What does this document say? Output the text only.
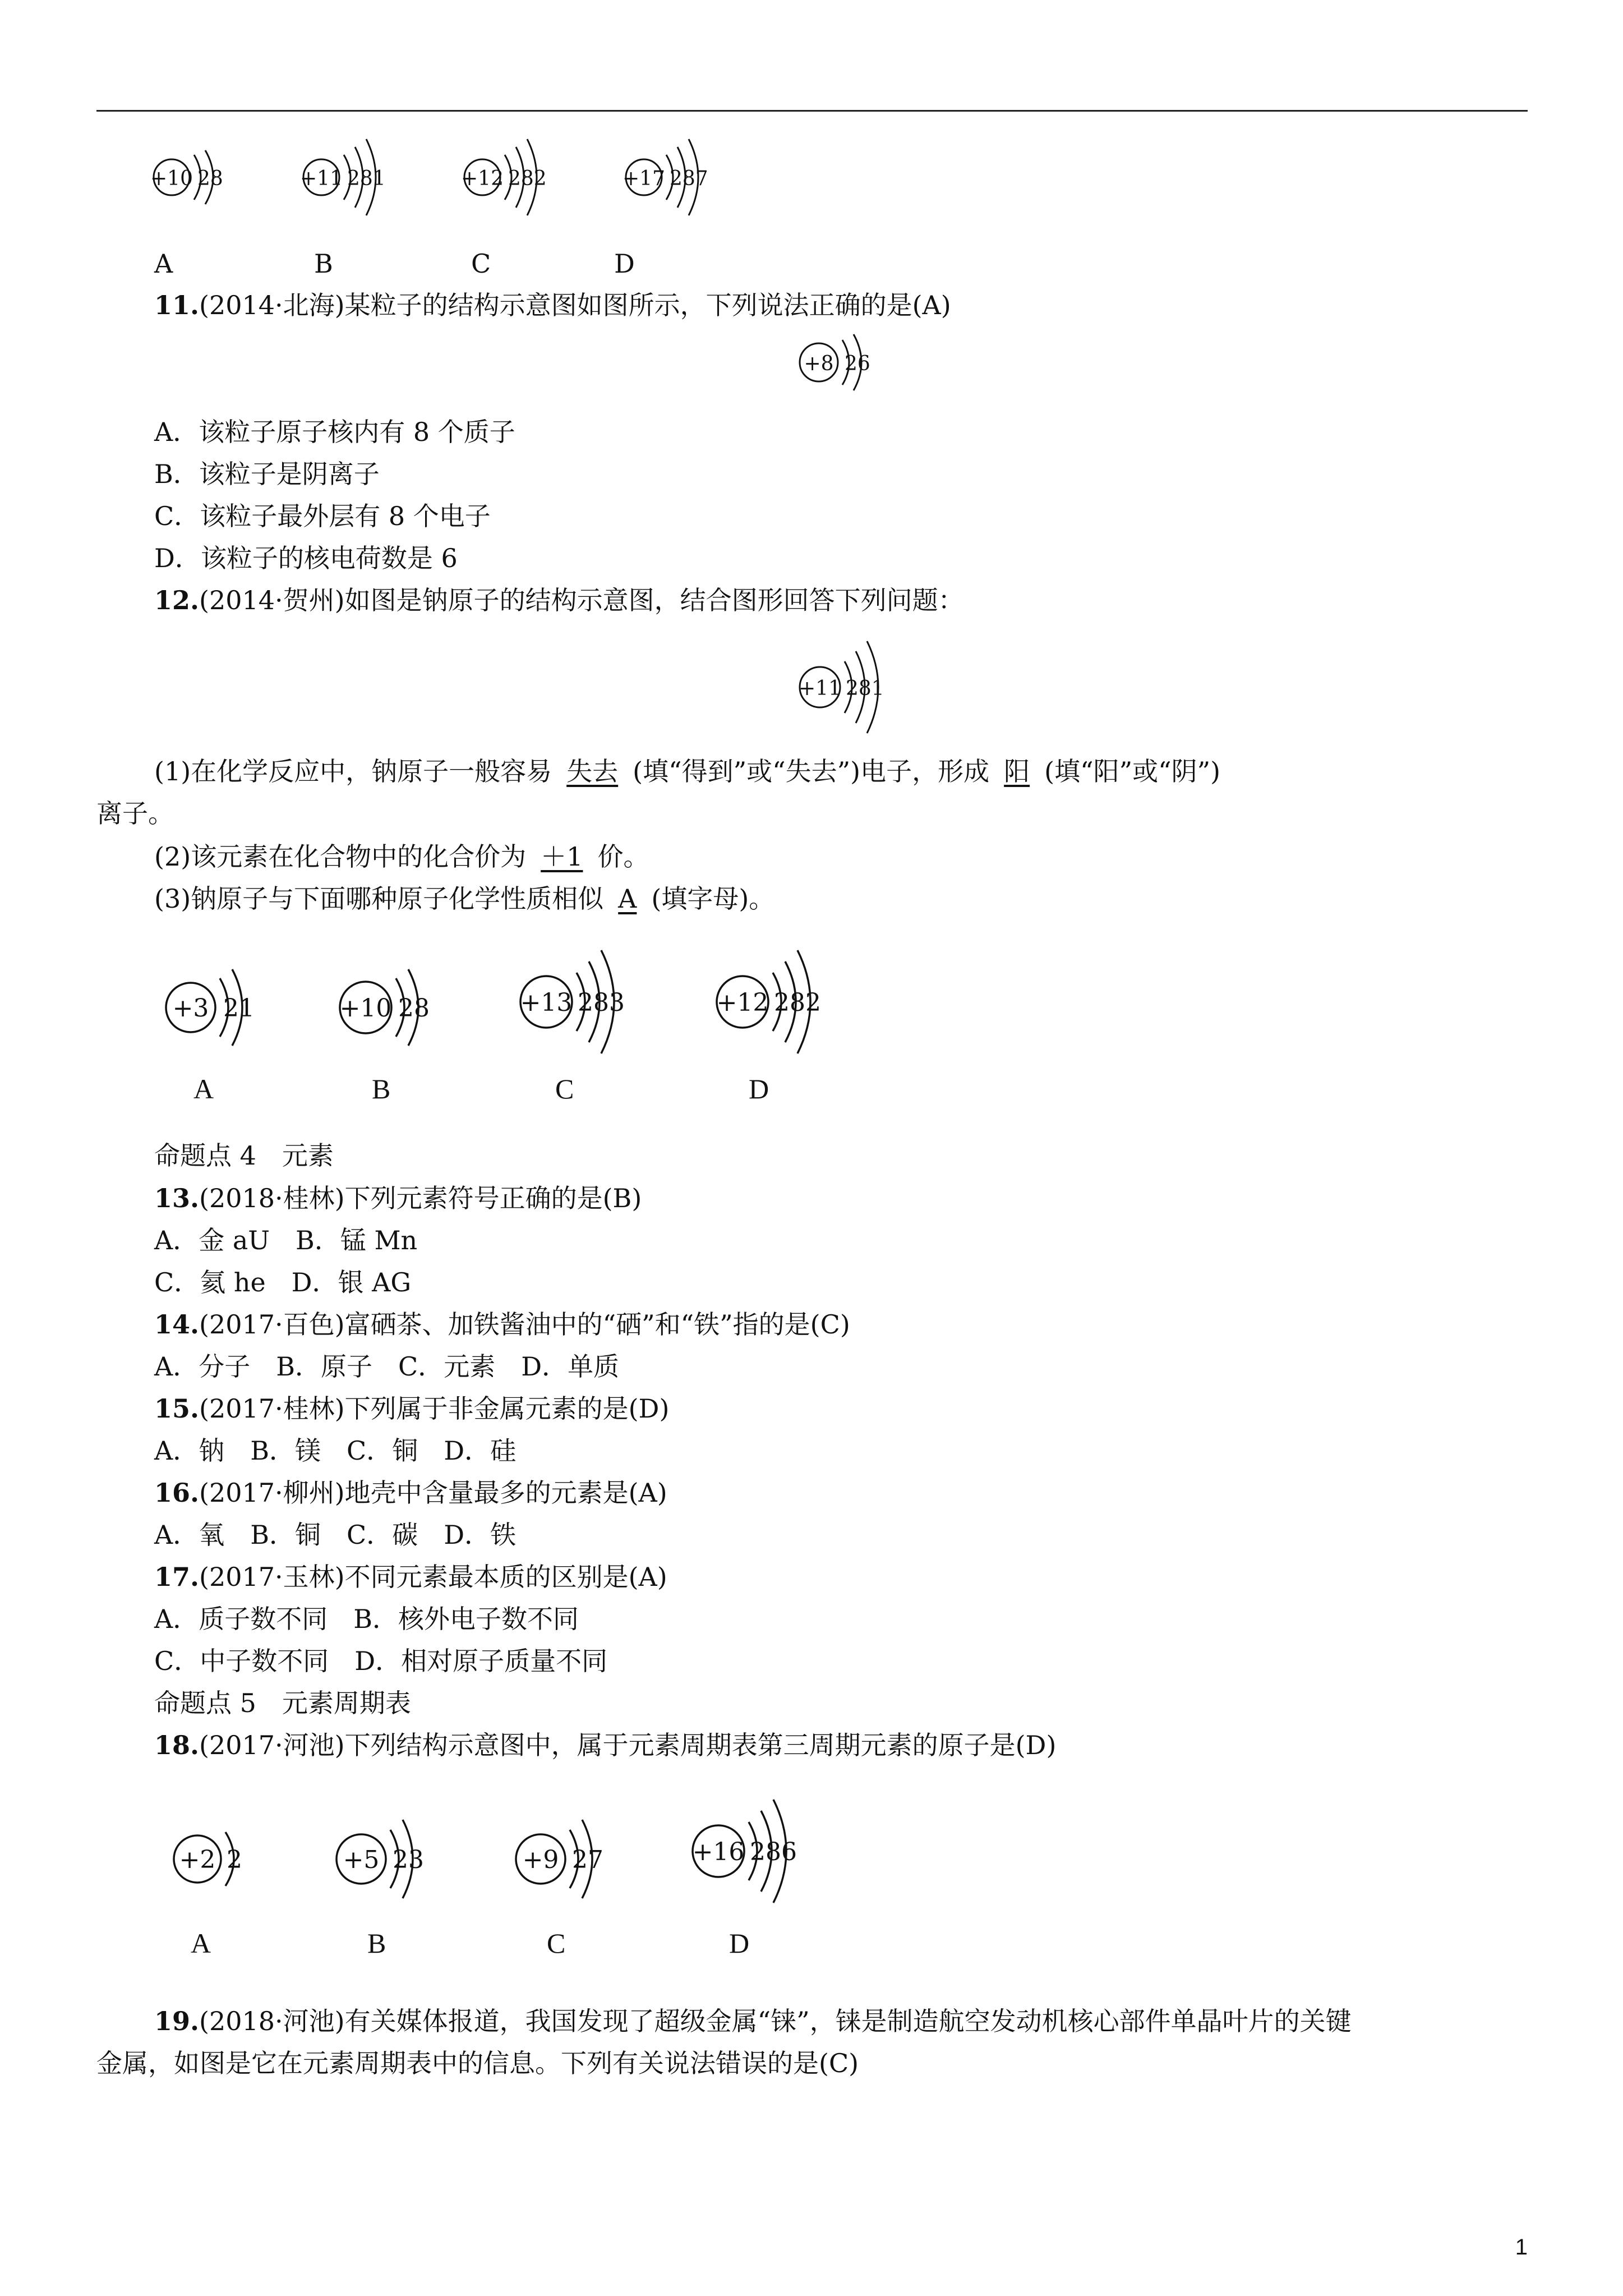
+10 28	+11 281	+12 282	+17 287
A	B	C	D
11.(2014·北海)某粒子的结构示意图如图所示，下列说法正确的是(A)
+8 26
A．该粒子原子核内有 8 个质子
B．该粒子是阴离子
C．该粒子最外层有 8 个电子
D．该粒子的核电荷数是 6
12.(2014·贺州)如图是钠原子的结构示意图，结合图形回答下列问题：
+11 281
(1)在化学反应中，钠原子一般容易 失去 (填“得到”或“失去”)电子，形成 阳 (填“阳”或“阴”)
离子。
(2)该元素在化合物中的化合价为 ＋1 价。
(3)钠原子与下面哪种原子化学性质相似 A (填字母)。
+3 21	+10 28	+13 283	+12 282
A	B	C	D
命题点 4　元素
13.(2018·桂林)下列元素符号正确的是(B)
A．金 aU　B．锰 Mn
C．氦 he　D．银 AG
14.(2017·百色)富硒茶、加铁酱油中的“硒”和“铁”指的是(C)
A．分子　B．原子　C．元素　D．单质
15.(2017·桂林)下列属于非金属元素的是(D)
A．钠　B．镁　C．铜　D．硅
16.(2017·柳州)地壳中含量最多的元素是(A)
A．氧　B．铜　C．碳　D．铁
17.(2017·玉林)不同元素最本质的区别是(A)
A．质子数不同　B．核外电子数不同
C．中子数不同　D．相对原子质量不同
命题点 5　元素周期表
18.(2017·河池)下列结构示意图中，属于元素周期表第三周期元素的原子是(D)
+2 2	+5 23	+9 27	+16 286
A	B	C	D
19.(2018·河池)有关媒体报道，我国发现了超级金属“铼”，铼是制造航空发动机核心部件单晶叶片的关键
金属，如图是它在元素周期表中的信息。下列有关说法错误的是(C)
1
